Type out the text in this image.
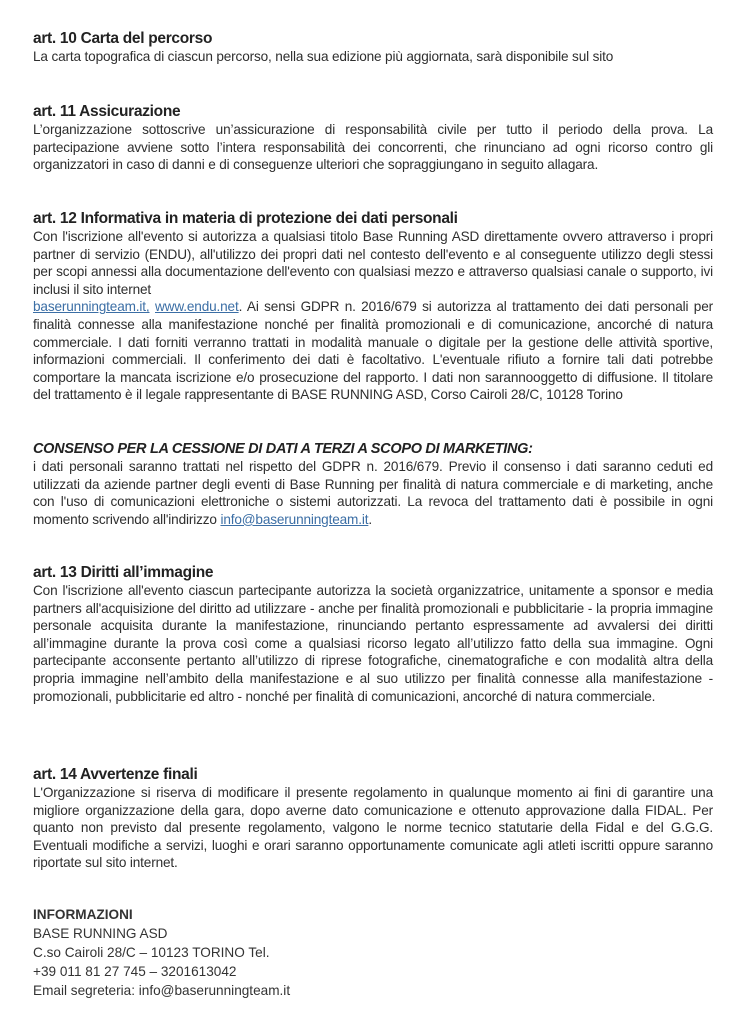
art. 10 Carta del percorso
La carta topografica di ciascun percorso, nella sua edizione più aggiornata, sarà disponibile sul sito
art. 11 Assicurazione
L’organizzazione sottoscrive un’assicurazione di responsabilità civile per tutto il periodo della prova. La partecipazione avviene sotto l’intera responsabilità dei concorrenti, che rinunciano ad ogni ricorso contro gli organizzatori in caso di danni e di conseguenze ulteriori che sopraggiungano in seguito allagara.
art. 12 Informativa in materia di protezione dei dati personali
Con l'iscrizione all'evento si autorizza a qualsiasi titolo Base Running ASD direttamente ovvero attraverso i propri partner di servizio (ENDU), all'utilizzo dei propri dati nel contesto dell'evento e al conseguente utilizzo degli stessi per scopi annessi alla documentazione dell'evento con qualsiasi mezzo e attraverso qualsiasi canale o supporto, ivi inclusi il sito internet
baserunningteam.it, www.endu.net. Ai sensi GDPR n. 2016/679 si autorizza al trattamento dei dati personali per finalità connesse alla manifestazione nonché per finalità promozionali e di comunicazione, ancorché di natura commerciale. I dati forniti verranno trattati in modalità manuale o digitale per la gestione delle attività sportive, informazioni commerciali. Il conferimento dei dati è facoltativo. L'eventuale rifiuto a fornire tali dati potrebbe comportare la mancata iscrizione e/o prosecuzione del rapporto. I dati non sarannooggetto di diffusione. Il titolare del trattamento è il legale rappresentante di BASE RUNNING ASD, Corso Cairoli 28/C, 10128 Torino
CONSENSO PER LA CESSIONE DI DATI A TERZI A SCOPO DI MARKETING:
i dati personali saranno trattati nel rispetto del GDPR n. 2016/679. Previo il consenso i dati saranno ceduti ed utilizzati da aziende partner degli eventi di Base Running per finalità di natura commerciale e di marketing, anche con l'uso di comunicazioni elettroniche o sistemi autorizzati. La revoca del trattamento dati è possibile in ogni momento scrivendo all'indirizzo info@baserunningteam.it.
art. 13 Diritti all’immagine
Con l'iscrizione all'evento ciascun partecipante autorizza la società organizzatrice, unitamente a sponsor e media partners all'acquisizione del diritto ad utilizzare - anche per finalità promozionali e pubblicitarie - la propria immagine personale acquisita durante la manifestazione, rinunciando pertanto espressamente ad avvalersi dei diritti all’immagine durante la prova così come a qualsiasi ricorso legato all’utilizzo fatto della sua immagine. Ogni partecipante acconsente pertanto all’utilizzo di riprese fotografiche, cinematografiche e con modalità altra della propria immagine nell’ambito della manifestazione e al suo utilizzo per finalità connesse alla manifestazione - promozionali, pubblicitarie ed altro - nonché per finalità di comunicazioni, ancorché di natura commerciale.
art. 14 Avvertenze finali
L'Organizzazione si riserva di modificare il presente regolamento in qualunque momento ai fini di garantire una migliore organizzazione della gara, dopo averne dato comunicazione e ottenuto approvazione dalla FIDAL. Per quanto non previsto dal presente regolamento, valgono le norme tecnico statutarie della Fidal e del G.G.G. Eventuali modifiche a servizi, luoghi e orari saranno opportunamente comunicate agli atleti iscritti oppure saranno riportate sul sito internet.
INFORMAZIONI
BASE RUNNING ASD
C.so Cairoli 28/C – 10123 TORINO Tel.
+39 011 81 27 745 – 3201613042
Email segreteria: info@baserunningteam.it
